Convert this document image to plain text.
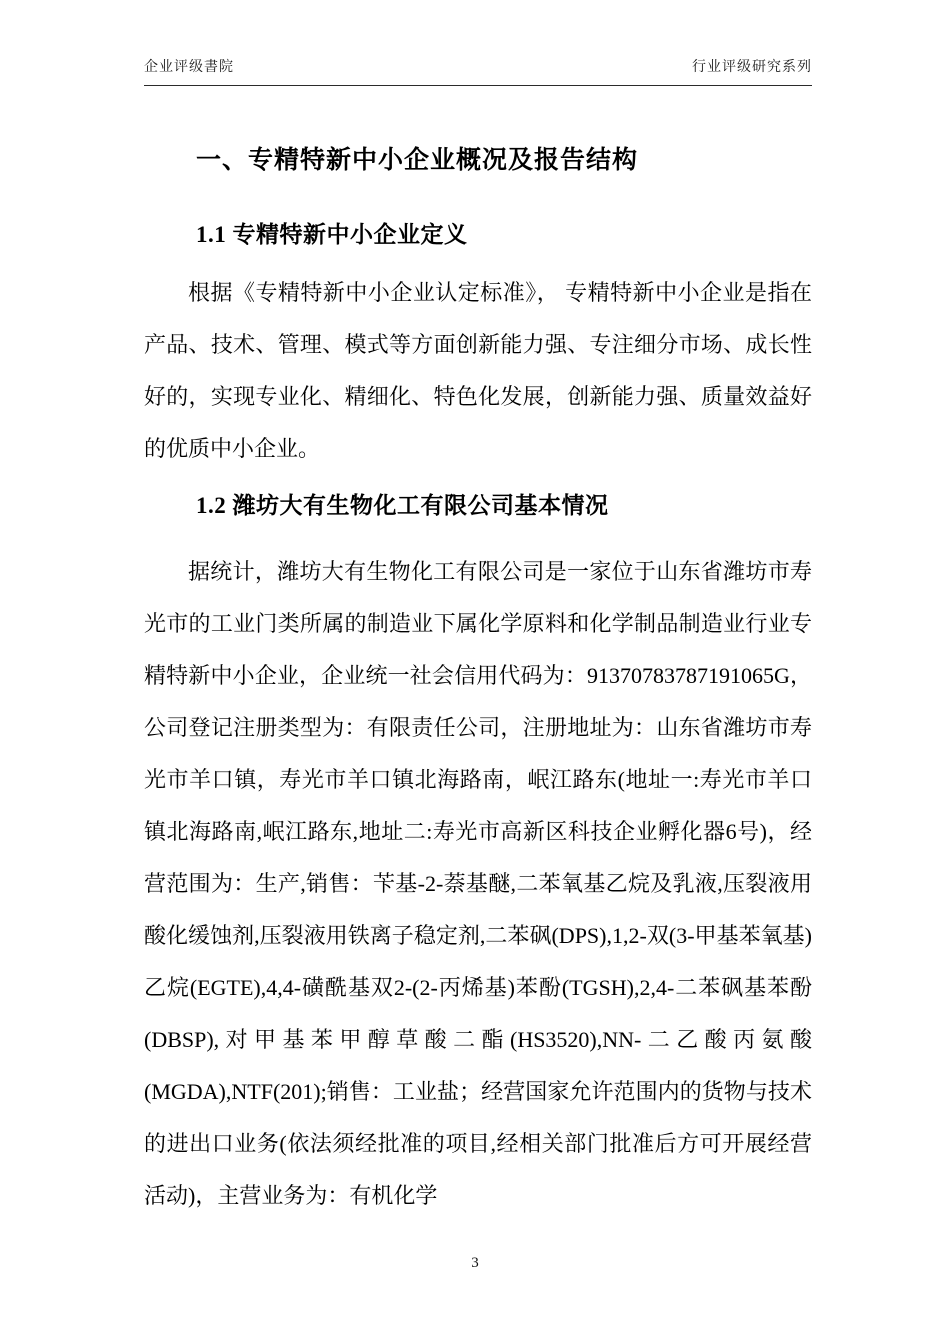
企业评级書院	行业评级研究系列
一、专精特新中小企业概况及报告结构
1.1 专精特新中小企业定义

根据《专精特新中小企业认定标准》， 专精特新中小企业是指在产品、技术、管理、模式等方面创新能力强、专注细分市场、成长性好的，实现专业化、精细化、特色化发展，创新能力强、质量效益好的优质中小企业。

1.2 潍坊大有生物化工有限公司基本情况

据统计，潍坊大有生物化工有限公司是一家位于山东省潍坊市寿光市的工业门类所属的制造业下属化学原料和化学制品制造业行业专精特新中小企业，企业统一社会信用代码为：91370783787191065G，公司登记注册类型为：有限责任公司，注册地址为：山东省潍坊市寿光市羊口镇，寿光市羊口镇北海路南，岷江路东(地址一:寿光市羊口镇北海路南,岷江路东,地址二:寿光市高新区科技企业孵化器6号)，经营范围为：生产,销售：苄基-2-萘基醚,二苯氧基乙烷及乳液,压裂液用酸化缓蚀剂,压裂液用铁离子稳定剂,二苯砜(DPS),1,2-双(3-甲基苯氧基)乙烷(EGTE),4,4-磺酰基双2-(2-丙烯基)苯酚(TGSH),2,4-二苯砜基苯酚(DBSP),对甲基苯甲醇草酸二酯(HS3520),NN-二乙酸丙氨酸(MGDA),NTF(201);销售：工业盐；经营国家允许范围内的货物与技术的进出口业务(依法须经批准的项目,经相关部门批准后方可开展经营活动)，主营业务为：有机化学

3
